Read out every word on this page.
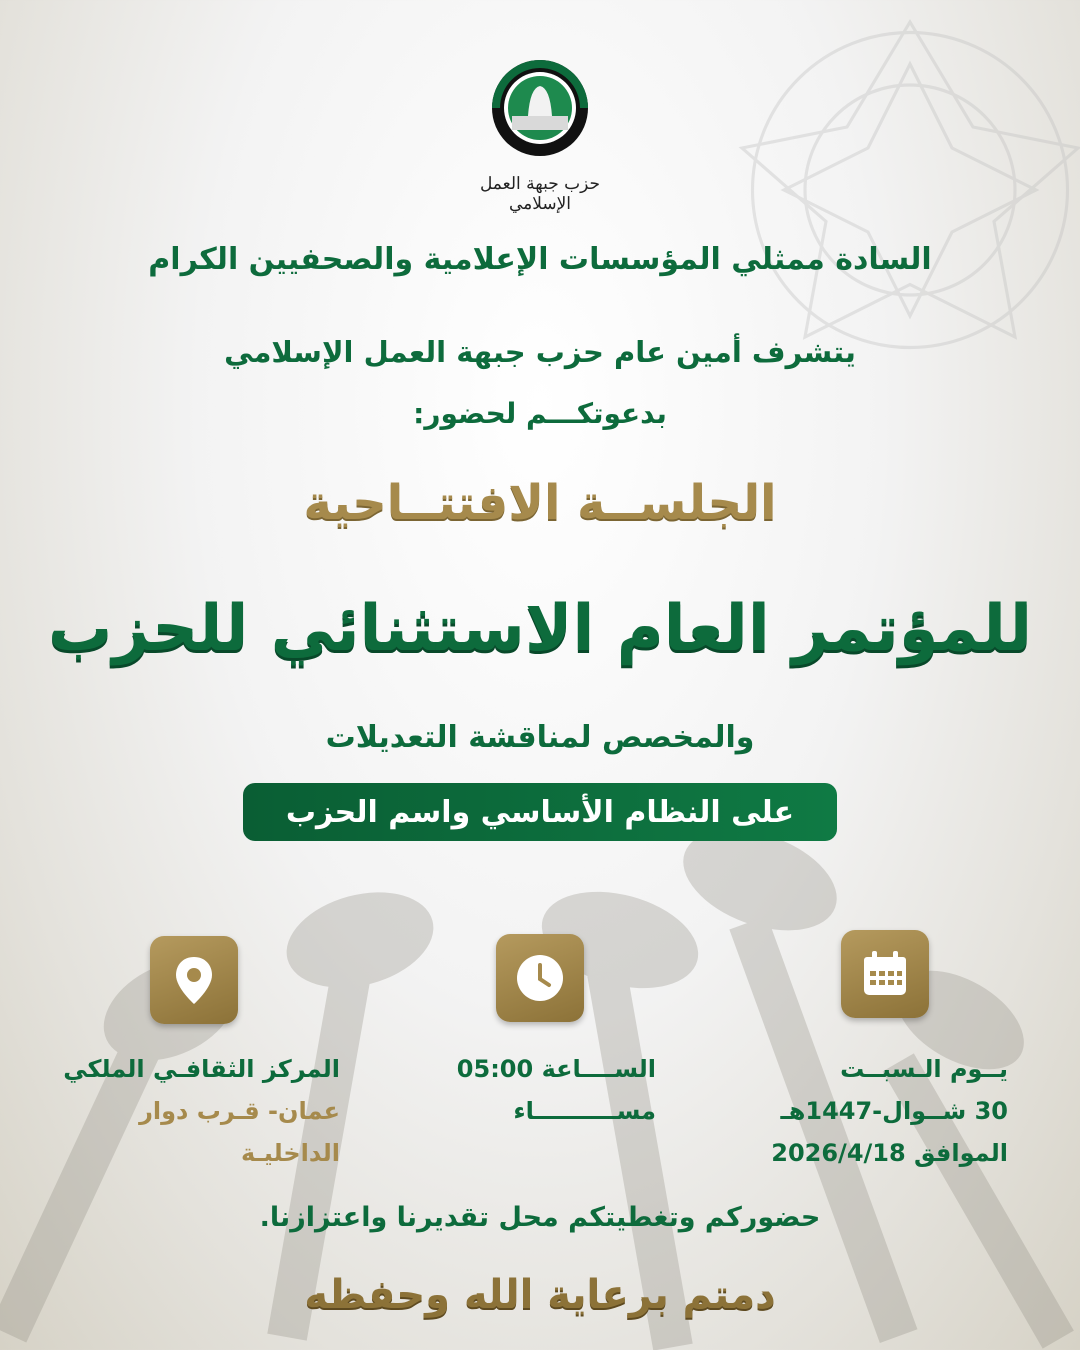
حزب جبهة العمل الإسلامي
السادة ممثلي المؤسسات الإعلامية والصحفيين الكرام
يتشرف أمين عام حزب جبهة العمل الإسلامي
بدعوتكـــم لحضور:
الجلســة الافتتــاحية
للمؤتمر العام الاستثنائي للحزب
والمخصص لمناقشة التعديلات
على النظام الأساسي واسم الحزب
يــوم الـسبــت
30 شــوال-1447هـ
الموافق 2026/4/18
الســــاعة 05:00
مســــــــــاء
المركز الثقافـي الملكي
عمان- قـرب دوار الداخليـة
حضوركم وتغطيتكم محل تقديرنا واعتزازنا.
دمتم برعاية الله وحفظه
